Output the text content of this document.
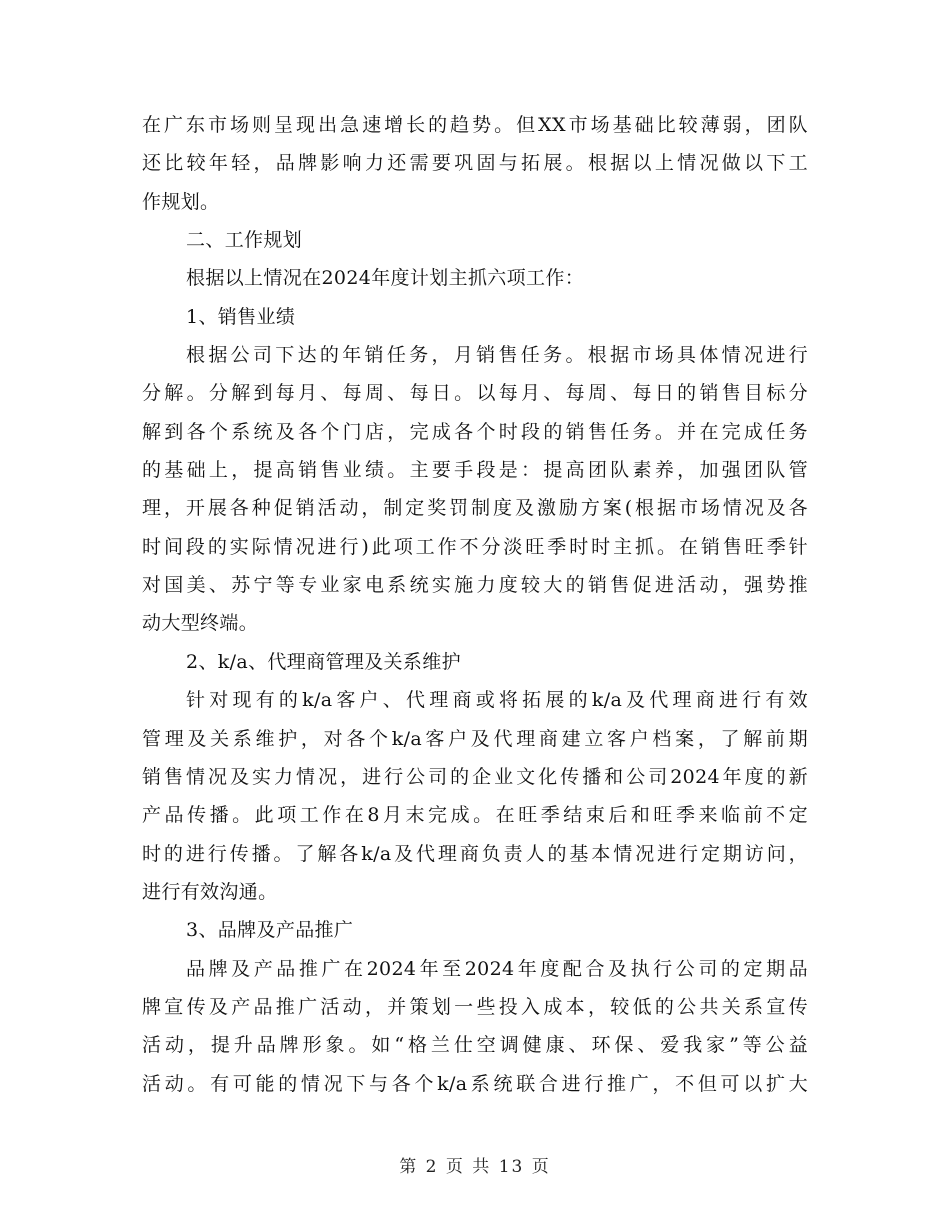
在广东市场则呈现出急速增长的趋势。但XX市场基础比较薄弱，团队
还比较年轻，品牌影响力还需要巩固与拓展。根据以上情况做以下工
作规划。
二、工作规划
根据以上情况在2024年度计划主抓六项工作：
1、销售业绩
根据公司下达的年销任务，月销售任务。根据市场具体情况进行
分解。分解到每月、每周、每日。以每月、每周、每日的销售目标分
解到各个系统及各个门店，完成各个时段的销售任务。并在完成任务
的基础上，提高销售业绩。主要手段是：提高团队素养，加强团队管
理，开展各种促销活动，制定奖罚制度及激励方案(根据市场情况及各
时间段的实际情况进行)此项工作不分淡旺季时时主抓。在销售旺季针
对国美、苏宁等专业家电系统实施力度较大的销售促进活动，强势推
动大型终端。
2、k/a、代理商管理及关系维护
针对现有的k/a客户、代理商或将拓展的k/a及代理商进行有效
管理及关系维护，对各个k/a客户及代理商建立客户档案，了解前期
销售情况及实力情况，进行公司的企业文化传播和公司2024年度的新
产品传播。此项工作在8月末完成。在旺季结束后和旺季来临前不定
时的进行传播。了解各k/a及代理商负责人的基本情况进行定期访问，
进行有效沟通。
3、品牌及产品推广
品牌及产品推广在2024年至2024年度配合及执行公司的定期品
牌宣传及产品推广活动，并策划一些投入成本，较低的公共关系宣传
活动，提升品牌形象。如“格兰仕空调健康、环保、爱我家”等公益
活动。有可能的情况下与各个k/a系统联合进行推广，不但可以扩大
第 2 页 共 13 页
